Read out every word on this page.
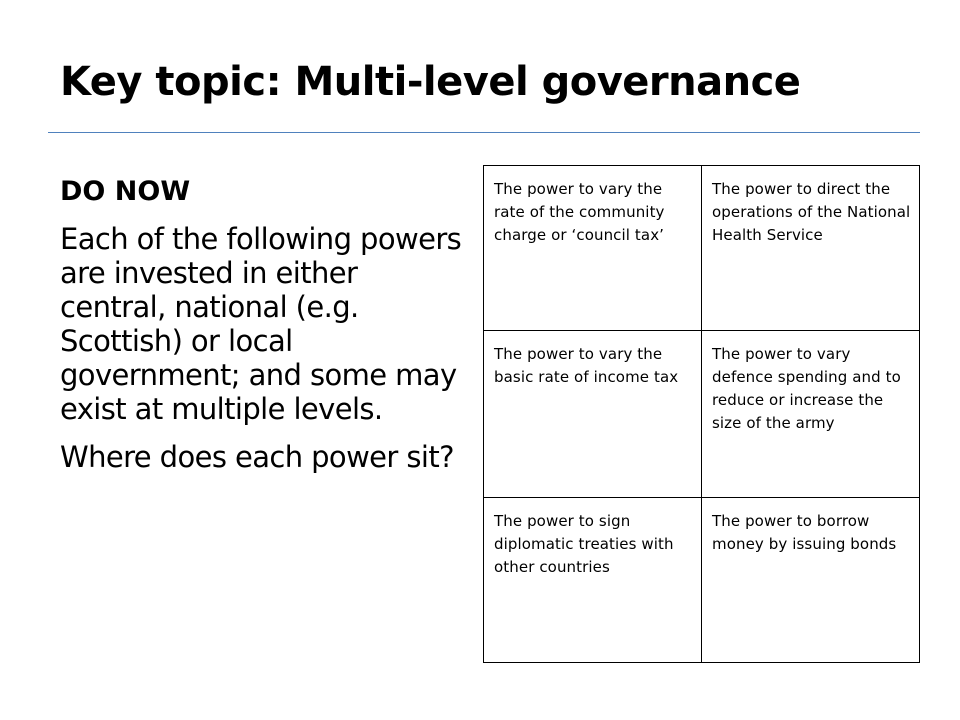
Key topic: Multi-level governance

DO NOW

Each of the following powers are invested in either central, national (e.g. Scottish) or local government; and some may exist at multiple levels.

Where does each power sit?

The power to vary the rate of the community charge or ‘council tax’	The power to direct the operations of the National Health Service
The power to vary the basic rate of income tax	The power to vary defence spending and to reduce or increase the size of the army
The power to sign diplomatic treaties with other countries	The power to borrow money by issuing bonds
